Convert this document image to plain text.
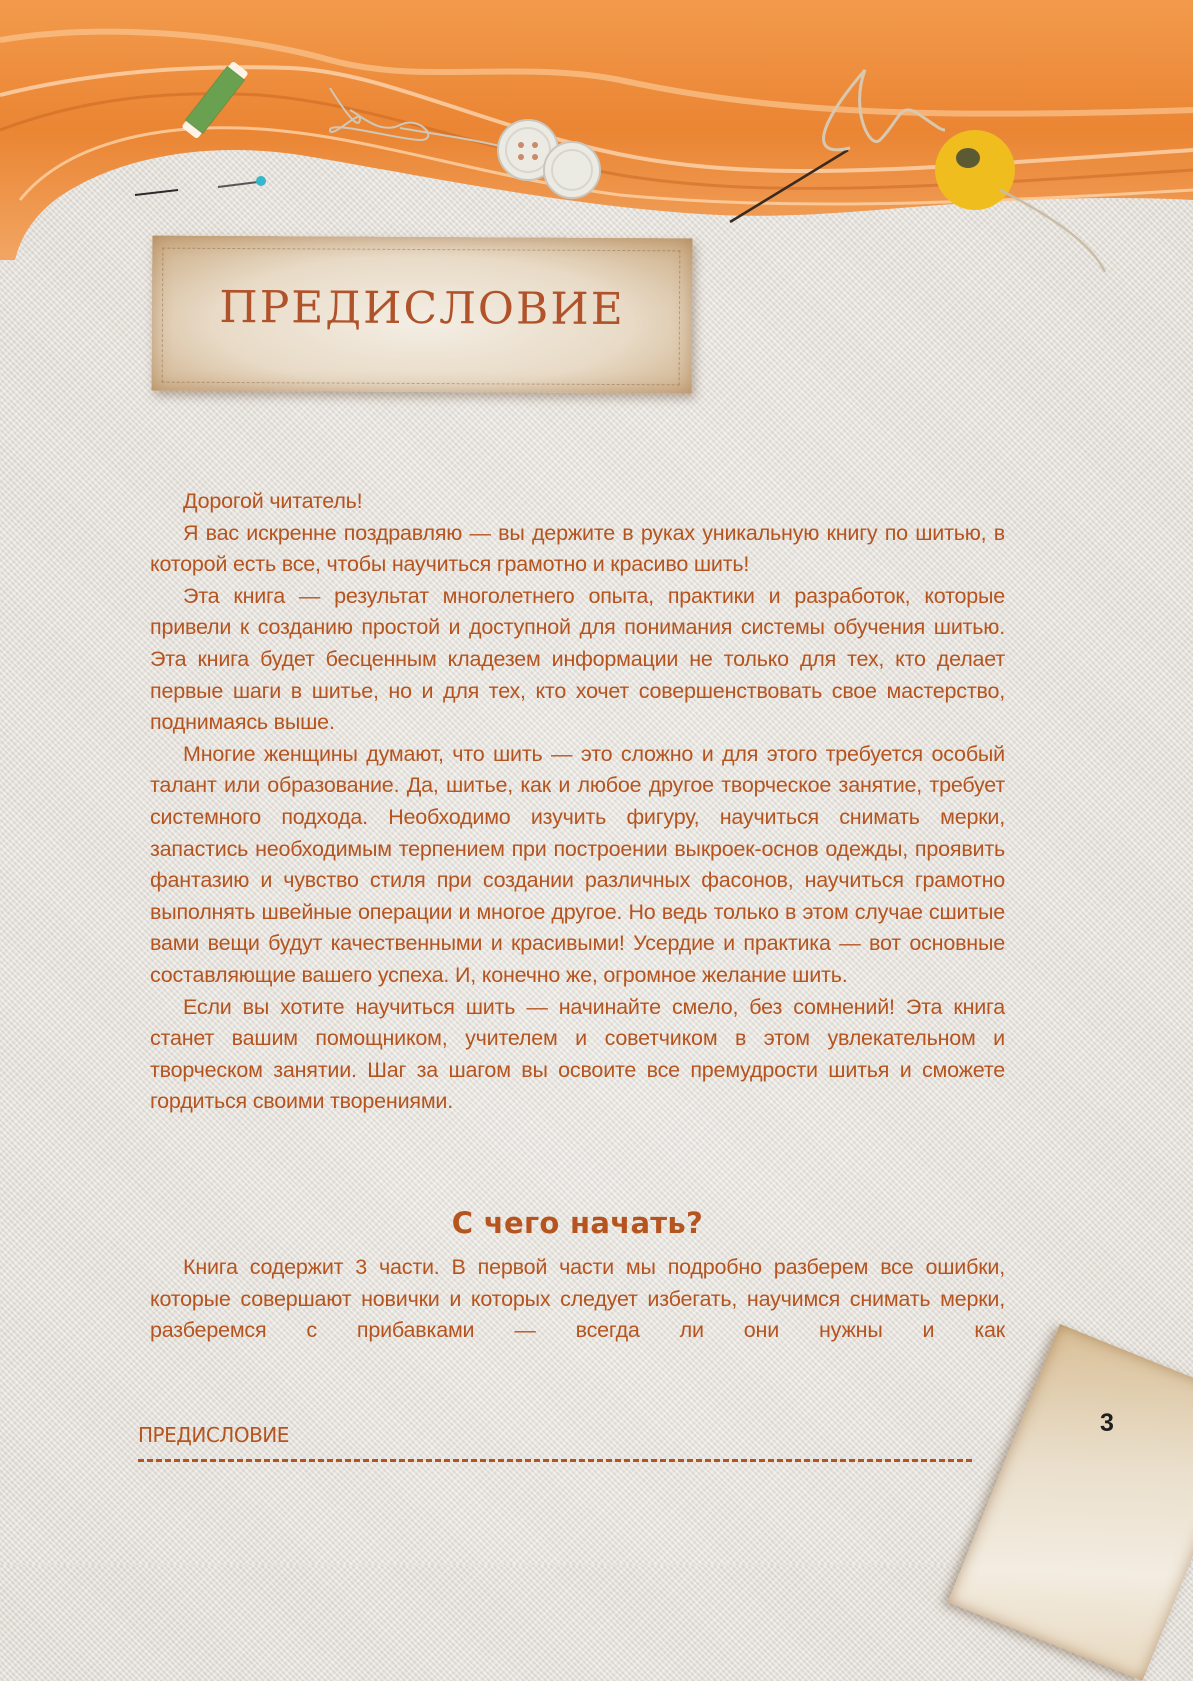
ПРЕДИСЛОВИЕ

Дорогой читатель!

Я вас искренне поздравляю — вы держите в руках уникальную книгу по шитью, в которой есть все, чтобы научиться грамотно и красиво шить!

Эта книга — результат многолетнего опыта, практики и разработок, которые привели к созданию простой и доступной для понимания системы обучения шитью. Эта книга будет бесценным кладезем информации не только для тех, кто делает первые шаги в шитье, но и для тех, кто хочет совершенствовать свое мастерство, поднимаясь выше.

Многие женщины думают, что шить — это сложно и для этого требуется особый талант или образование. Да, шитье, как и любое другое творческое занятие, требует системного подхода. Необходимо изучить фигуру, научиться снимать мерки, запастись необходимым терпением при построении выкроек-основ одежды, проявить фантазию и чувство стиля при создании различных фасонов, научиться грамотно выполнять швейные операции и многое другое. Но ведь только в этом случае сшитые вами вещи будут качественными и красивыми! Усердие и практика — вот основные составляющие вашего успеха. И, конечно же, огромное желание шить.

Если вы хотите научиться шить — начинайте смело, без сомнений! Эта книга станет вашим помощником, учителем и советчиком в этом увлекательном и творческом занятии. Шаг за шагом вы освоите все премудрости шитья и сможете гордиться своими творениями.

С чего начать?

Книга содержит 3 части. В первой части мы подробно разберем все ошибки, которые совершают новички и которых следует избегать, научимся снимать мерки, разберемся с прибавками — всегда ли они нужны и как

ПРЕДИСЛОВИЕ	3
